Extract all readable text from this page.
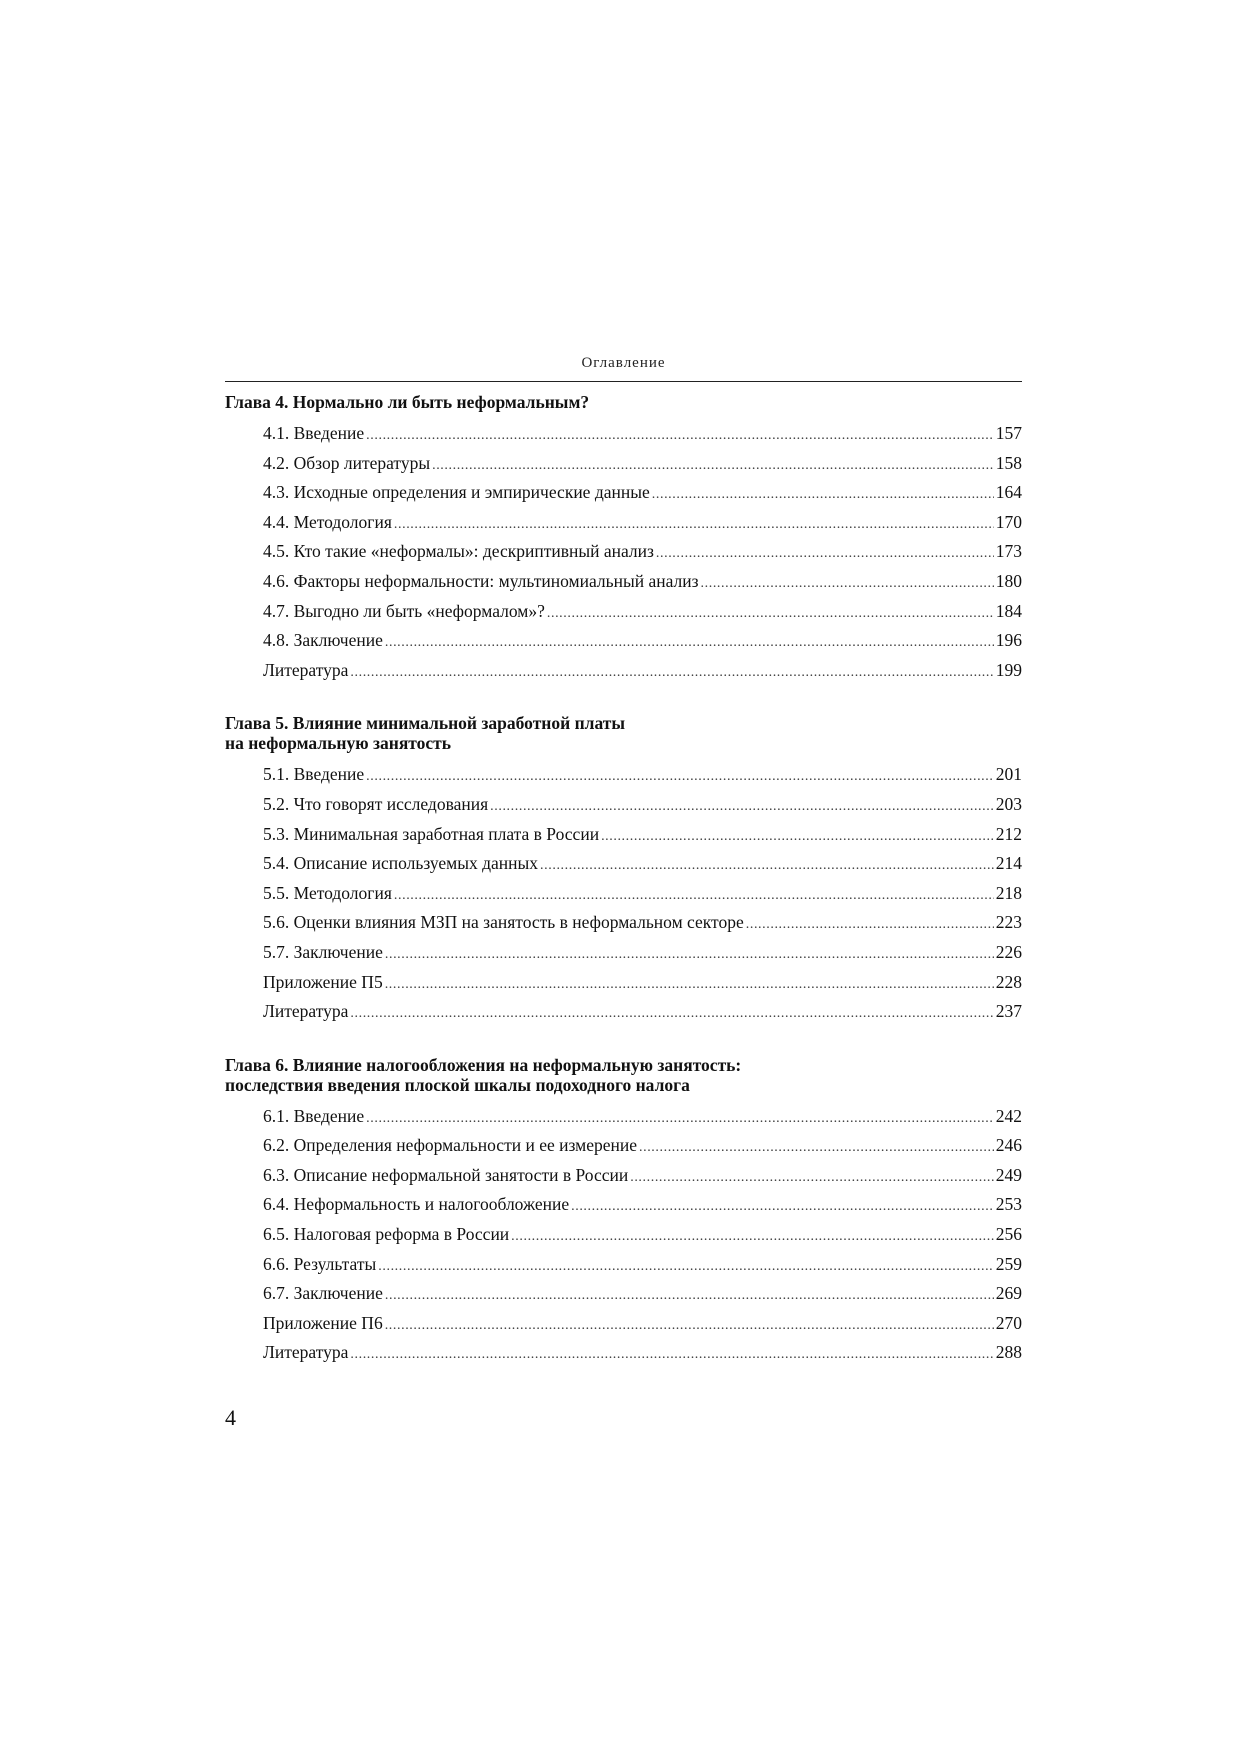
Оглавление
Глава 4. Нормально ли быть неформальным?
4.1. Введение .....	157
4.2. Обзор литературы .....	158
4.3. Исходные определения и эмпирические данные .....	164
4.4. Методология .....	170
4.5. Кто такие «неформалы»: дескриптивный анализ .....	173
4.6. Факторы неформальности: мультиномиальный анализ .....	180
4.7. Выгодно ли быть «неформалом»? .....	184
4.8. Заключение .....	196
Литература .....	199
Глава 5. Влияние минимальной заработной платы
на неформальную занятость
5.1. Введение .....	201
5.2. Что говорят исследования .....	203
5.3. Минимальная заработная плата в России .....	212
5.4. Описание используемых данных .....	214
5.5. Методология .....	218
5.6. Оценки влияния МЗП на занятость в неформальном секторе .....	223
5.7. Заключение .....	226
Приложение П5 .....	228
Литература .....	237
Глава 6. Влияние налогообложения на неформальную занятость:
последствия введения плоской шкалы подоходного налога
6.1. Введение .....	242
6.2. Определения неформальности и ее измерение .....	246
6.3. Описание неформальной занятости в России .....	249
6.4. Неформальность и налогообложение .....	253
6.5. Налоговая реформа в России .....	256
6.6. Результаты .....	259
6.7. Заключение .....	269
Приложение П6 .....	270
Литература .....	288
4
